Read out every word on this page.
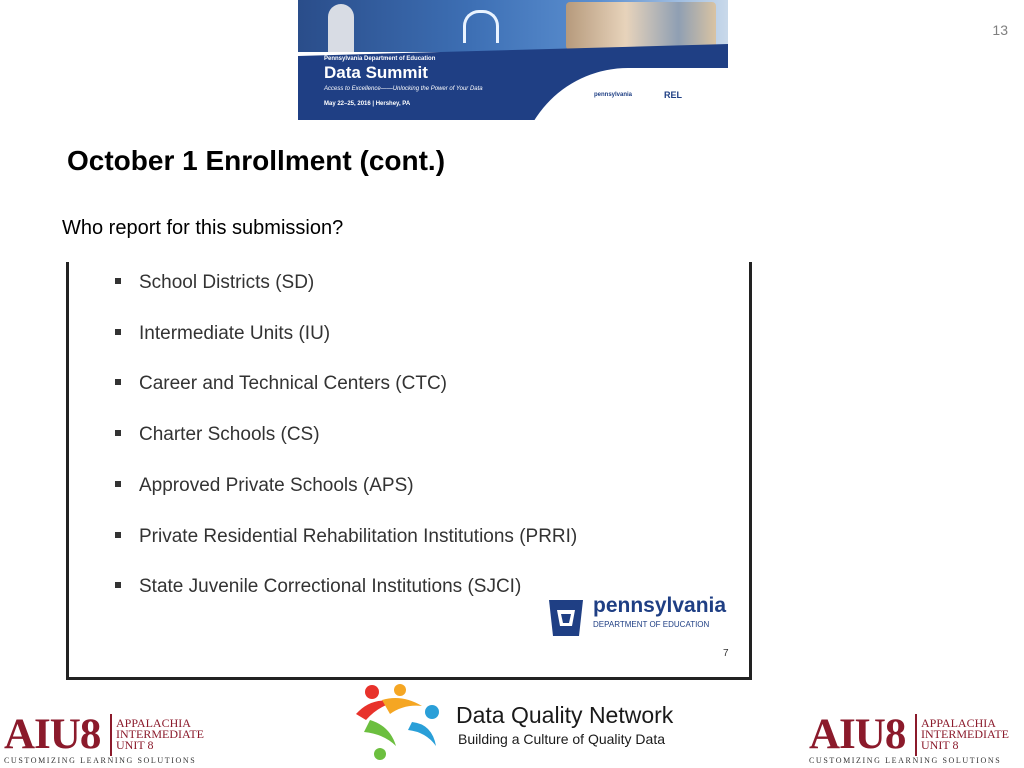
13
Pennsylvania Department of Education
Data Summit
Access to Excellence——Unlocking the Power of Your Data
May 22–25, 2016 | Hershey, PA
pennsylvania	REL
October 1 Enrollment (cont.)

Who report for this submission?

School Districts (SD)
Intermediate Units (IU)
Career and Technical Centers (CTC)
Charter Schools (CS)
Approved Private Schools (APS)
Private Residential Rehabilitation Institutions (PRRI)
State Juvenile Correctional Institutions (SJCI)
pennsylvania
DEPARTMENT OF EDUCATION
7
AIU8 APPALACHIA
INTERMEDIATE
UNIT 8
CUSTOMIZING LEARNING SOLUTIONS
Data Quality Network
Building a Culture of Quality Data	AIU8 APPALACHIA
INTERMEDIATE
UNIT 8
CUSTOMIZING LEARNING SOLUTIONS
